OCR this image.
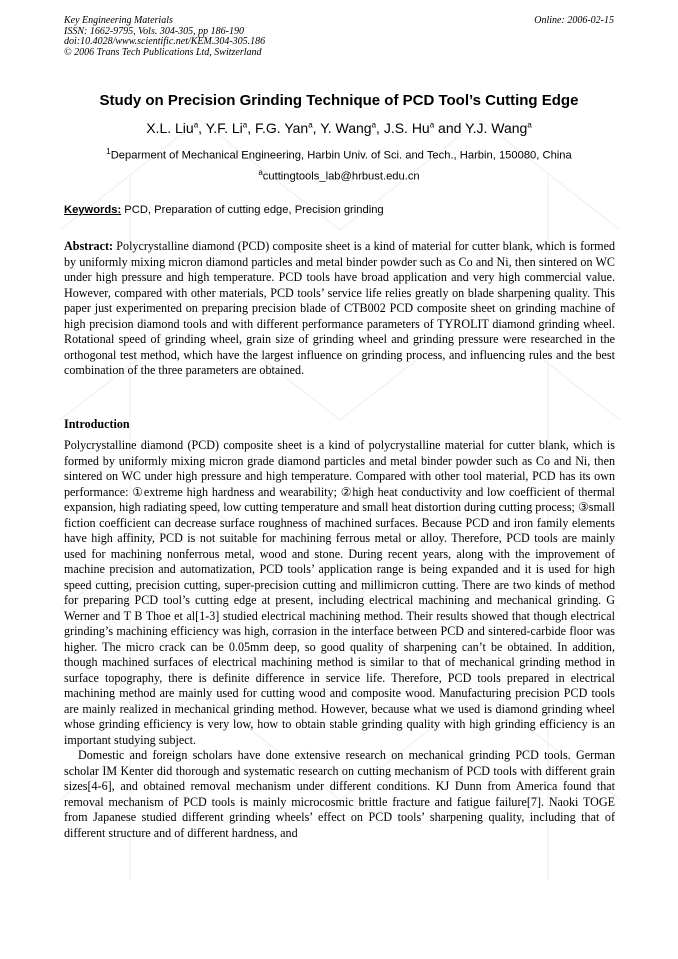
Key Engineering Materials
ISSN: 1662-9795, Vols. 304-305, pp 186-190
doi:10.4028/www.scientific.net/KEM.304-305.186
© 2006 Trans Tech Publications Ltd, Switzerland
Online: 2006-02-15
Study on Precision Grinding Technique of PCD Tool’s Cutting Edge
X.L. Liu$^a$, Y.F. Li$^a$, F.G. Yan$^a$, Y. Wang$^a$, J.S. Hu$^a$ and Y.J. Wang$^a$
$^1$Deparment of Mechanical Engineering, Harbin Univ. of Sci. and Tech., Harbin, 150080, China
$^a$cuttingtools_lab@hrbust.edu.cn
Keywords: PCD, Preparation of cutting edge, Precision grinding
Abstract: Polycrystalline diamond (PCD) composite sheet is a kind of material for cutter blank, which is formed by uniformly mixing micron diamond particles and metal binder powder such as Co and Ni, then sintered on WC under high pressure and high temperature. PCD tools have broad application and very high commercial value. However, compared with other materials, PCD tools’ service life relies greatly on blade sharpening quality. This paper just experimented on preparing precision blade of CTB002 PCD composite sheet on grinding machine of high precision diamond tools and with different performance parameters of TYROLIT diamond grinding wheel. Rotational speed of grinding wheel, grain size of grinding wheel and grinding pressure were researched in the orthogonal test method, which have the largest influence on grinding process, and influencing rules and the best combination of the three parameters are obtained.
Introduction

Polycrystalline diamond (PCD) composite sheet is a kind of polycrystalline material for cutter blank, which is formed by uniformly mixing micron grade diamond particles and metal binder powder such as Co and Ni, then sintered on WC under high pressure and high temperature. Compared with other tool material, PCD has its own performance: ①extreme high hardness and wearability; ②high heat conductivity and low coefficient of thermal expansion, high radiating speed, low cutting temperature and small heat distortion during cutting process; ③small fiction coefficient can decrease surface roughness of machined surfaces. Because PCD and iron family elements have high affinity, PCD is not suitable for machining ferrous metal or alloy. Therefore, PCD tools are mainly used for machining nonferrous metal, wood and stone. During recent years, along with the improvement of machine precision and automatization, PCD tools’ application range is being expanded and it is used for high speed cutting, precision cutting, super-precision cutting and millimicron cutting. There are two kinds of method for preparing PCD tool’s cutting edge at present, including electrical machining and mechanical grinding. G Werner and T B Thoe et al[1-3] studied electrical machining method. Their results showed that though electrical grinding’s machining efficiency was high, corrasion in the interface between PCD and sintered-carbide floor was higher. The micro crack can be 0.05mm deep, so good quality of sharpening can’t be obtained. In addition, though machined surfaces of electrical machining method is similar to that of mechanical grinding method in surface topography, there is definite difference in service life. Therefore, PCD tools prepared in electrical machining method are mainly used for cutting wood and composite wood. Manufacturing precision PCD tools are mainly realized in mechanical grinding method. However, because what we used is diamond grinding wheel whose grinding efficiency is very low, how to obtain stable grinding quality with high grinding efficiency is an important studying subject.

Domestic and foreign scholars have done extensive research on mechanical grinding PCD tools. German scholar IM Kenter did thorough and systematic research on cutting mechanism of PCD tools with different grain sizes[4-6], and obtained removal mechanism under different conditions. KJ Dunn from America found that removal mechanism of PCD tools is mainly microcosmic brittle fracture and fatigue failure[7]. Naoki TOGE from Japanese studied different grinding wheels’ effect on PCD tools’ sharpening quality, including that of different structure and of different hardness, and
